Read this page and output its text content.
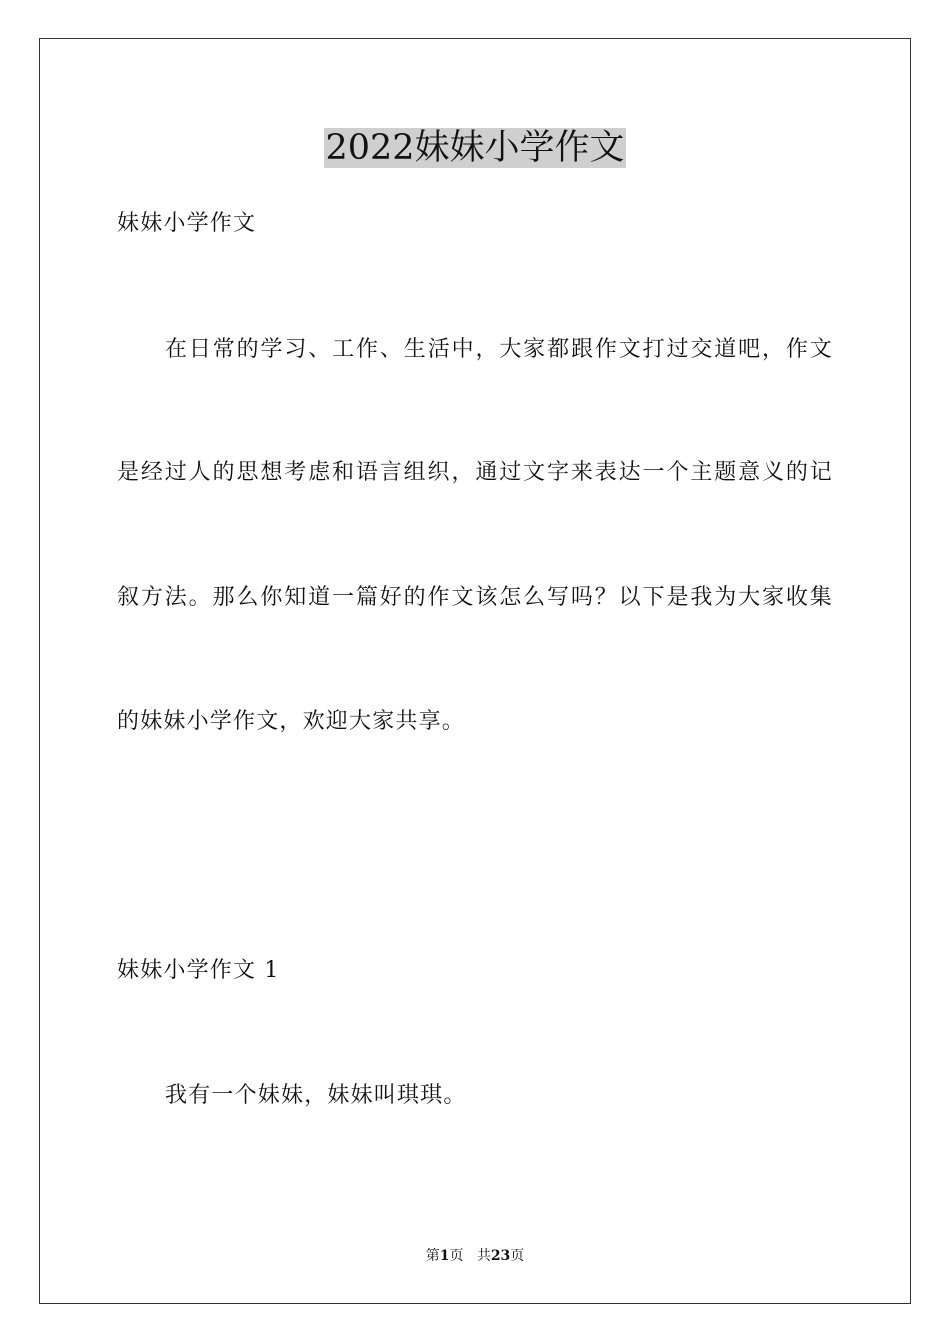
2022妹妹小学作文

妹妹小学作文

在日常的学习、工作、生活中，大家都跟作文打过交道吧，作文

是经过人的思想考虑和语言组织，通过文字来表达一个主题意义的记

叙方法。那么你知道一篇好的作文该怎么写吗？以下是我为大家收集

的妹妹小学作文，欢迎大家共享。

妹妹小学作文 1

我有一个妹妹，妹妹叫琪琪。

第1页 共23页
